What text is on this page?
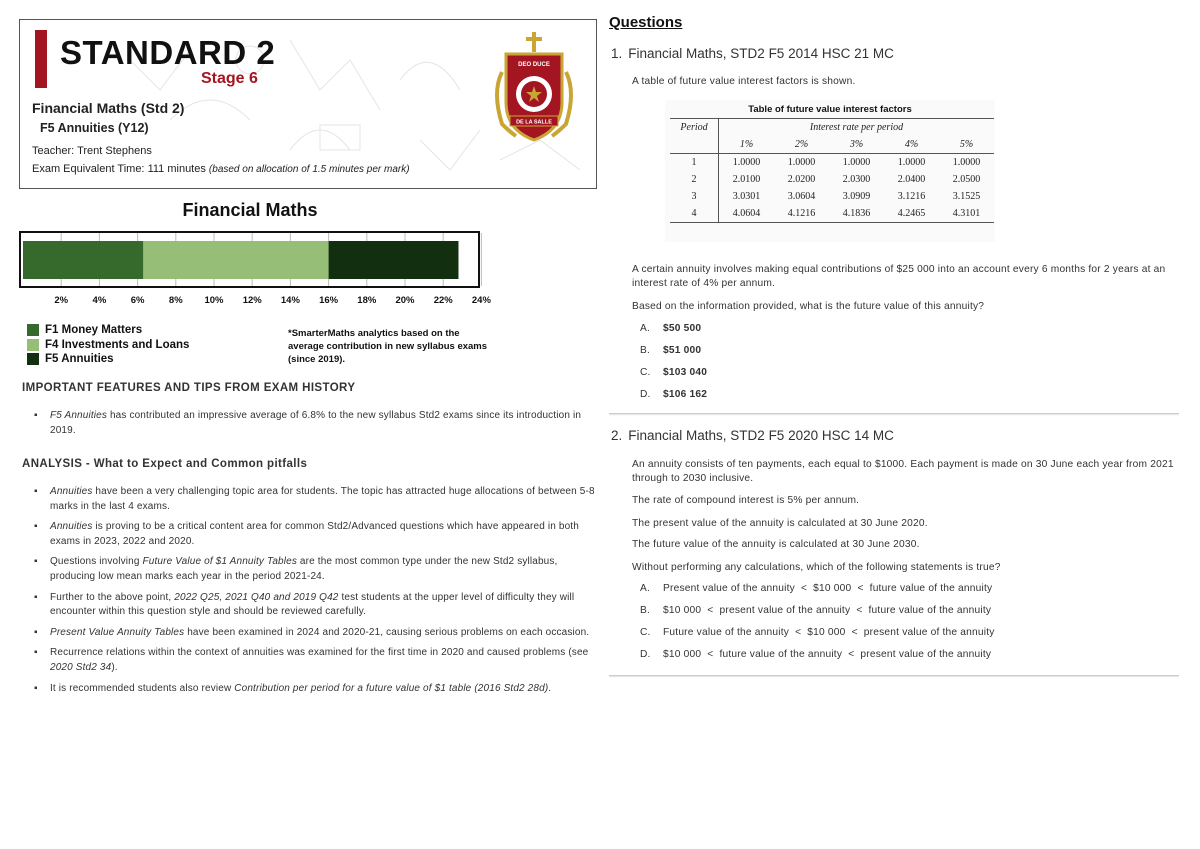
STANDARD 2
Stage 6
Financial Maths (Std 2)
F5 Annuities (Y12)
Teacher: Trent Stephens
Exam Equivalent Time: 111 minutes (based on allocation of 1.5 minutes per mark)
DEO DUCE
DE LA SALLE
Financial Maths
2%	4%	6%	8% 10% 12% 14% 16% 18% 20% 22% 24%
F1 Money Matters
F4 Investments and Loans
F5 Annuities
*SmarterMaths analytics based on the average contribution in new syllabus exams (since 2019).
IMPORTANT FEATURES AND TIPS FROM EXAM HISTORY
▪ F5 Annuities has contributed an impressive average of 6.8% to the new syllabus Std2 exams since its introduction in 2019.
ANALYSIS - What to Expect and Common pitfalls
▪ Annuities have been a very challenging topic area for students. The topic has attracted huge allocations of between 5-8 marks in the last 4 exams.
▪ Annuities is proving to be a critical content area for common Std2/Advanced questions which have appeared in both exams in 2023, 2022 and 2020.
▪ Questions involving Future Value of $1 Annuity Tables are the most common type under the new Std2 syllabus, producing low mean marks each year in the period 2021-24.
▪ Further to the above point, 2022 Q25, 2021 Q40 and 2019 Q42 test students at the upper level of difficulty they will encounter within this question style and should be reviewed carefully.
▪ Present Value Annuity Tables have been examined in 2024 and 2020-21, causing serious problems on each occasion.
▪ Recurrence relations within the context of annuities was examined for the first time in 2020 and caused problems (see 2020 Std2 34).
▪ It is recommended students also review Contribution per period for a future value of $1 table (2016 Std2 28d).
Questions
1. Financial Maths, STD2 F5 2014 HSC 21 MC
A table of future value interest factors is shown.
Table of future value interest factors
Period	Interest rate per period				
	1%	2%	3%	4%	5%
1	1.0000	1.0000	1.0000	1.0000	1.0000
2	2.0100	2.0200	2.0300	2.0400	2.0500
3	3.0301	3.0604	3.0909	3.1216	3.1525
4	4.0604	4.1216	4.1836	4.2465	4.3101
A certain annuity involves making equal contributions of $25 000 into an account every 6 months for 2 years at an interest rate of 4% per annum.
Based on the information provided, what is the future value of this annuity?
A.	$50 500
B.	$51 000
C.	$103 040
D.	$106 162
2. Financial Maths, STD2 F5 2020 HSC 14 MC
An annuity consists of ten payments, each equal to $1000. Each payment is made on 30 June each year from 2021 through to 2030 inclusive.
The rate of compound interest is 5% per annum.
The present value of the annuity is calculated at 30 June 2020.
The future value of the annuity is calculated at 30 June 2030.
Without performing any calculations, which of the following statements is true?
A.	Present value of the annuity  <  $10 000  <  future value of the annuity
B.	$10 000  <  present value of the annuity  <  future value of the annuity
C.	Future value of the annuity  <  $10 000  <  present value of the annuity
D.	$10 000  <  future value of the annuity  <  present value of the annuity
